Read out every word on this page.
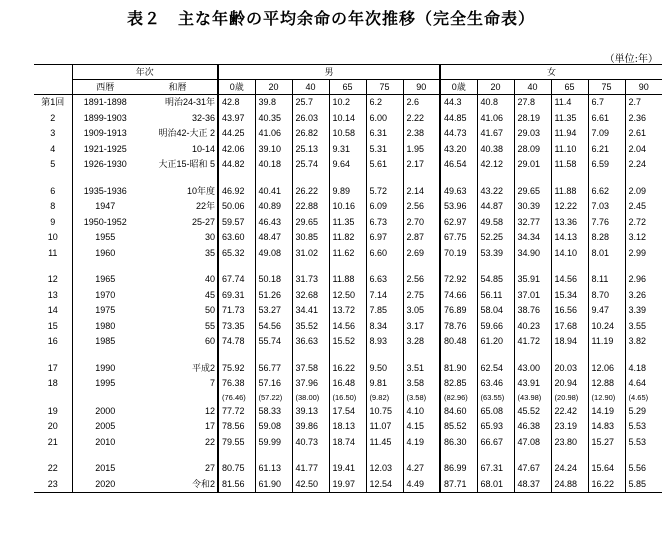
表２　主な年齢の平均余命の年次推移（完全生命表）
（単位:年）
	年次		男						女					
	西暦	和暦	0歳	20	40	65	75	90	0歳	20	40	65	75	90
第1回	1891-1898	明治24-31年	42.8	39.8	25.7	10.2	6.2	2.6	44.3	40.8	27.8	11.4	6.7	2.7
2	1899-1903	32-36	43.97	40.35	26.03	10.14	6.00	2.22	44.85	41.06	28.19	11.35	6.61	2.36
3	1909-1913	明治42-大正 2	44.25	41.06	26.82	10.58	6.31	2.38	44.73	41.67	29.03	11.94	7.09	2.61
4	1921-1925	10-14	42.06	39.10	25.13	9.31	5.31	1.95	43.20	40.38	28.09	11.10	6.21	2.04
5	1926-1930	大正15-昭和 5	44.82	40.18	25.74	9.64	5.61	2.17	46.54	42.12	29.01	11.58	6.59	2.24

6	1935-1936	10年度	46.92	40.41	26.22	9.89	5.72	2.14	49.63	43.22	29.65	11.88	6.62	2.09
8	1947	22年	50.06	40.89	22.88	10.16	6.09	2.56	53.96	44.87	30.39	12.22	7.03	2.45
9	1950-1952	25-27	59.57	46.43	29.65	11.35	6.73	2.70	62.97	49.58	32.77	13.36	7.76	2.72
10	1955	30	63.60	48.47	30.85	11.82	6.97	2.87	67.75	52.25	34.34	14.13	8.28	3.12
11	1960	35	65.32	49.08	31.02	11.62	6.60	2.69	70.19	53.39	34.90	14.10	8.01	2.99

12	1965	40	67.74	50.18	31.73	11.88	6.63	2.56	72.92	54.85	35.91	14.56	8.11	2.96
13	1970	45	69.31	51.26	32.68	12.50	7.14	2.75	74.66	56.11	37.01	15.34	8.70	3.26
14	1975	50	71.73	53.27	34.41	13.72	7.85	3.05	76.89	58.04	38.76	16.56	9.47	3.39
15	1980	55	73.35	54.56	35.52	14.56	8.34	3.17	78.76	59.66	40.23	17.68	10.24	3.55
16	1985	60	74.78	55.74	36.63	15.52	8.93	3.28	80.48	61.20	41.72	18.94	11.19	3.82

17	1990	平成2	75.92	56.77	37.58	16.22	9.50	3.51	81.90	62.54	43.00	20.03	12.06	4.18
18	1995	7	76.38	57.16	37.96	16.48	9.81	3.58	82.85	63.46	43.91	20.94	12.88	4.64
			(76.46)	(57.22)	(38.00)	(16.50)	(9.82)	(3.58)	(82.96)	(63.55)	(43.98)	(20.98)	(12.90)	(4.65)
19	2000	12	77.72	58.33	39.13	17.54	10.75	4.10	84.60	65.08	45.52	22.42	14.19	5.29
20	2005	17	78.56	59.08	39.86	18.13	11.07	4.15	85.52	65.93	46.38	23.19	14.83	5.53
21	2010	22	79.55	59.99	40.73	18.74	11.45	4.19	86.30	66.67	47.08	23.80	15.27	5.53

22	2015	27	80.75	61.13	41.77	19.41	12.03	4.27	86.99	67.31	47.67	24.24	15.64	5.56
23	2020	令和2	81.56	61.90	42.50	19.97	12.54	4.49	87.71	68.01	48.37	24.88	16.22	5.85
